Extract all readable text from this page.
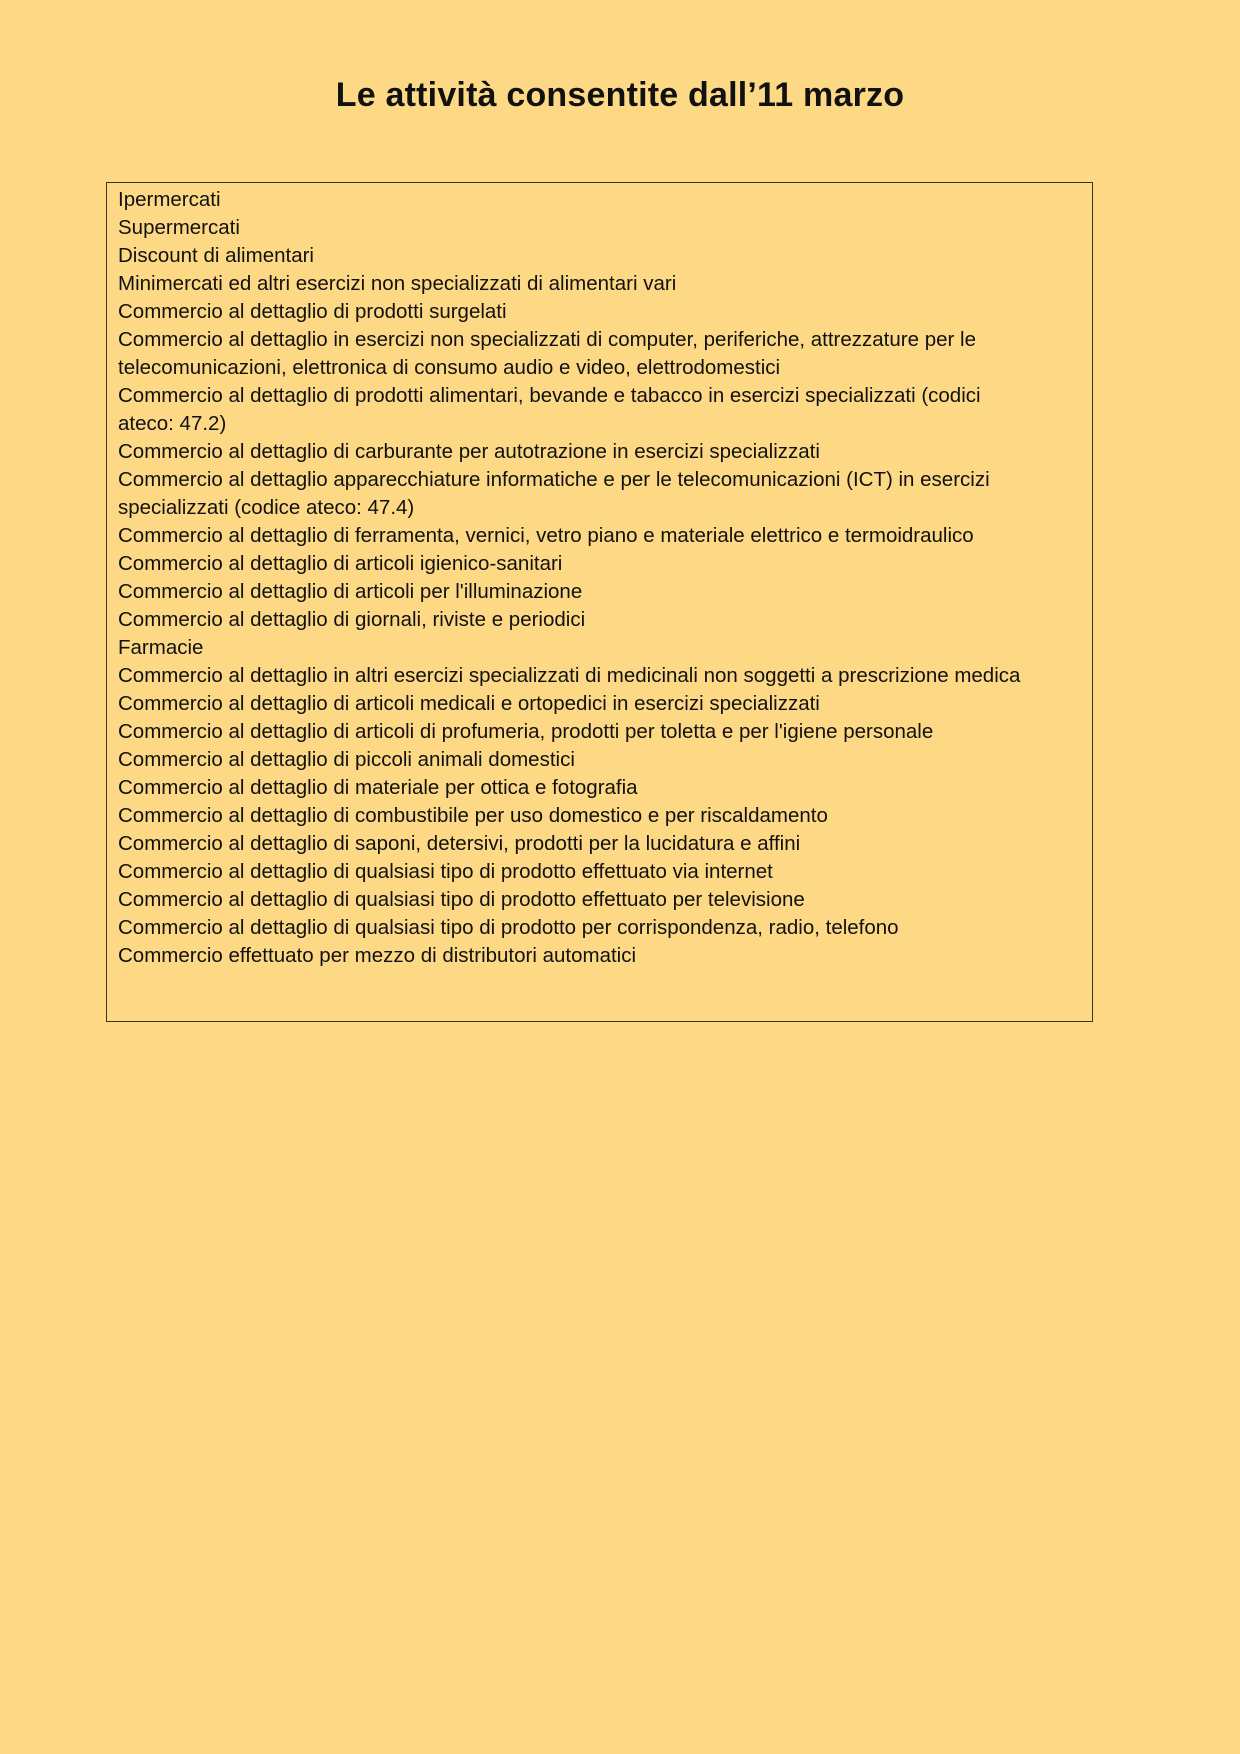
Le attività consentite dall’11 marzo
Ipermercati
Supermercati
Discount di alimentari
Minimercati ed altri esercizi non specializzati di alimentari vari
Commercio al dettaglio di prodotti surgelati
Commercio al dettaglio in esercizi non specializzati di computer, periferiche, attrezzature per le telecomunicazioni, elettronica di consumo audio e video, elettrodomestici
Commercio al dettaglio di prodotti alimentari, bevande e tabacco in esercizi specializzati (codici ateco: 47.2)
Commercio al dettaglio di carburante per autotrazione in esercizi specializzati
Commercio al dettaglio apparecchiature informatiche e per le telecomunicazioni (ICT) in esercizi specializzati (codice ateco: 47.4)
Commercio al dettaglio di ferramenta, vernici, vetro piano e materiale elettrico e termoidraulico
Commercio al dettaglio di articoli igienico-sanitari
Commercio al dettaglio di articoli per l'illuminazione
Commercio al dettaglio di giornali, riviste e periodici
Farmacie
Commercio al dettaglio in altri esercizi specializzati di medicinali non soggetti a prescrizione medica
Commercio al dettaglio di articoli medicali e ortopedici in esercizi specializzati
Commercio al dettaglio di articoli di profumeria, prodotti per toletta e per l'igiene personale
Commercio al dettaglio di piccoli animali domestici
Commercio al dettaglio di materiale per ottica e fotografia
Commercio al dettaglio di combustibile per uso domestico e per riscaldamento
Commercio al dettaglio di saponi, detersivi, prodotti per la lucidatura e affini
Commercio al dettaglio di qualsiasi tipo di prodotto effettuato via internet
Commercio al dettaglio di qualsiasi tipo di prodotto effettuato per televisione
Commercio al dettaglio di qualsiasi tipo di prodotto per corrispondenza, radio, telefono
Commercio effettuato per mezzo di distributori automatici
